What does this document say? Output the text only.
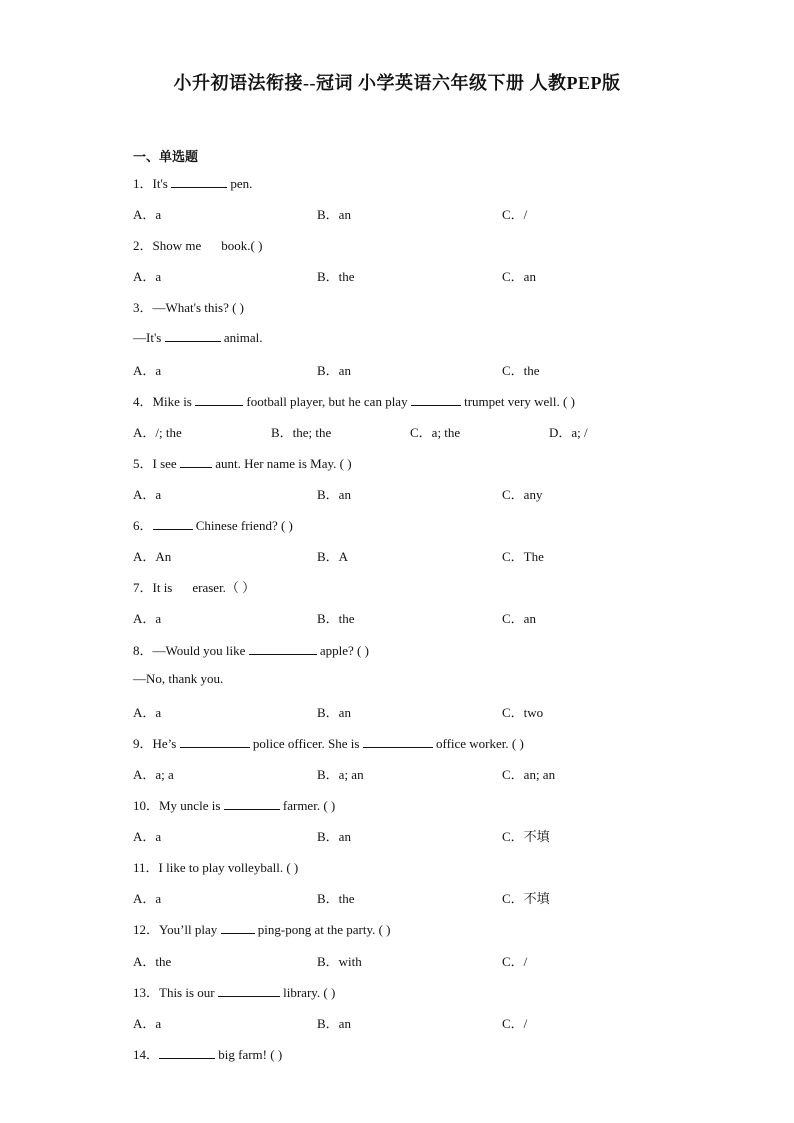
小升初语法衔接--冠词 小学英语六年级下册 人教PEP版
一、单选题
1．It's	pen.
A．a	B．an	C．/
2．Show me book.( )
A．a	B．the	C．an
3．—What's this? ( )
—It's	animal.
A．a	B．an	C．the
4．Mike is	football player, but he can play	trumpet very well. ( )
A．/; the	B．the; the	C．a; the	D．a; /
5．I see  aunt. Her name is May. ( )
A．a	B．an	C．any
6．	Chinese friend? ( )
A．An	B．A	C．The
7．It is eraser.（ ）
A．a	B．the	C．an
8．—Would you like	apple? ( )
—No, thank you.
A．a	B．an	C．two
9．He’s	police officer. She is	office worker. ( )
A．a; a	B．a; an	C．an; an
10．My uncle is	farmer. ( )
A．a	B．an	C．不填
11．I like to play volleyball. ( )
A．a	B．the	C．不填
12．You’ll play	ping-pong at the party. ( )
A．the	B．with	C．/
13．This is our	library. ( )
A．a	B．an	C．/
14．	big farm! ( )
